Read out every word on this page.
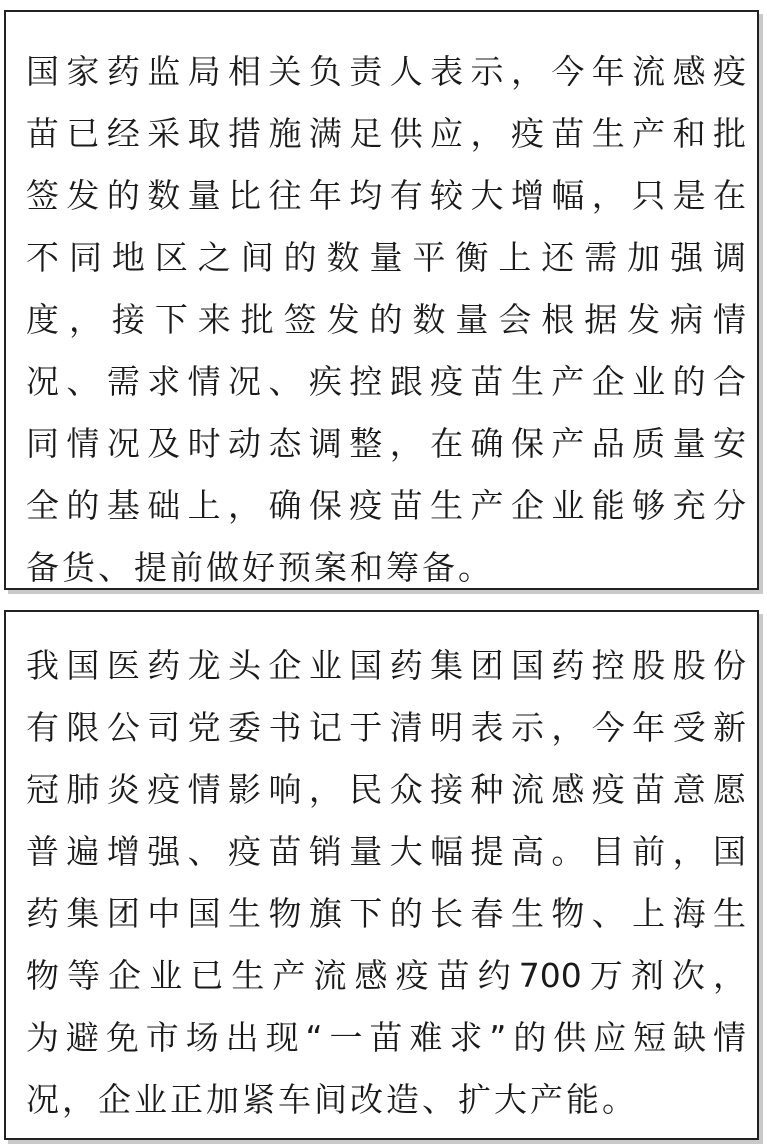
国家药监局相关负责人表示，今年流感疫
苗已经采取措施满足供应，疫苗生产和批
签发的数量比往年均有较大增幅，只是在
不同地区之间的数量平衡上还需加强调
度，接下来批签发的数量会根据发病情
况、需求情况、疾控跟疫苗生产企业的合
同情况及时动态调整，在确保产品质量安
全的基础上，确保疫苗生产企业能够充分
备货、提前做好预案和筹备。
我国医药龙头企业国药集团国药控股股份
有限公司党委书记于清明表示，今年受新
冠肺炎疫情影响，民众接种流感疫苗意愿
普遍增强、疫苗销量大幅提高。目前，国
药集团中国生物旗下的长春生物、上海生
物等企业已生产流感疫苗约700万剂次，
为避免市场出现“一苗难求”的供应短缺情
况，企业正加紧车间改造、扩大产能。
